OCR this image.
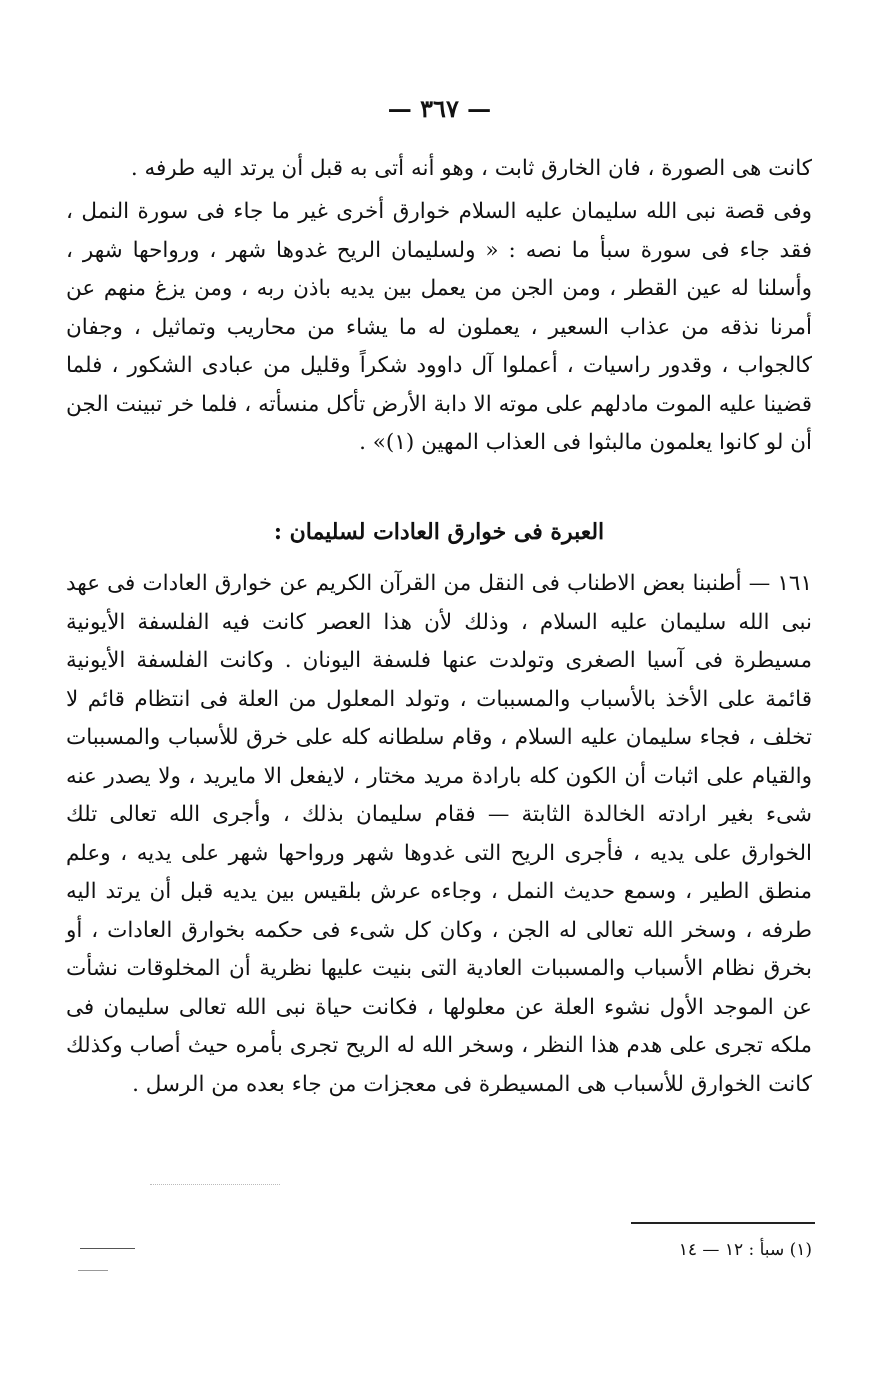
— ٣٦٧ —

كانت هى الصورة ، فان الخارق ثابت ، وهو أنه أتى به قبل أن يرتد اليه طرفه .

وفى قصة نبى الله سليمان عليه السلام خوارق أخرى غير ما جاء فى سورة النمل ، فقد جاء فى سورة سبأ ما نصه : « ولسليمان الريح غدوها شهر ، ورواحها شهر ، وأسلنا له عين القطر ، ومن الجن من يعمل بين يديه باذن ربه ، ومن يزغ منهم عن أمرنا نذقه من عذاب السعير ، يعملون له ما يشاء من محاريب وتماثيل ، وجفان كالجواب ، وقدور راسيات ، أعملوا آل داوود شكراً وقليل من عبادى الشكور ، فلما قضينا عليه الموت مادلهم على موته الا دابة الأرض تأكل منسأته ، فلما خر تبينت الجن أن لو كانوا يعلمون مالبثوا فى العذاب المهين (١)» .

العبرة فى خوارق العادات لسليمان :

١٦١ — أطنبنا بعض الاطناب فى النقل من القرآن الكريم عن خوارق العادات فى عهد نبى الله سليمان عليه السلام ، وذلك لأن هذا العصر كانت فيه الفلسفة الأيونية مسيطرة فى آسيا الصغرى وتولدت عنها فلسفة اليونان . وكانت الفلسفة الأيونية قائمة على الأخذ بالأسباب والمسببات ، وتولد المعلول من العلة فى انتظام قائم لا تخلف ، فجاء سليمان عليه السلام ، وقام سلطانه كله على خرق للأسباب والمسببات والقيام على اثبات أن الكون كله بارادة مريد مختار ، لايفعل الا مايريد ، ولا يصدر عنه شىء بغير ارادته الخالدة الثابتة — فقام سليمان بذلك ، وأجرى الله تعالى تلك الخوارق على يديه ، فأجرى الريح التى غدوها شهر ورواحها شهر على يديه ، وعلم منطق الطير ، وسمع حديث النمل ، وجاءه عرش بلقيس بين يديه قبل أن يرتد اليه طرفه ، وسخر الله تعالى له الجن ، وكان كل شىء فى حكمه بخوارق العادات ، أو بخرق نظام الأسباب والمسببات العادية التى بنيت عليها نظرية أن المخلوقات نشأت عن الموجد الأول نشوء العلة عن معلولها ، فكانت حياة نبى الله تعالى سليمان فى ملكه تجرى على هدم هذا النظر ، وسخر الله له الريح تجرى بأمره حيث أصاب وكذلك كانت الخوارق للأسباب هى المسيطرة فى معجزات من جاء بعده من الرسل .

(١) سبأ : ١٢ — ١٤
